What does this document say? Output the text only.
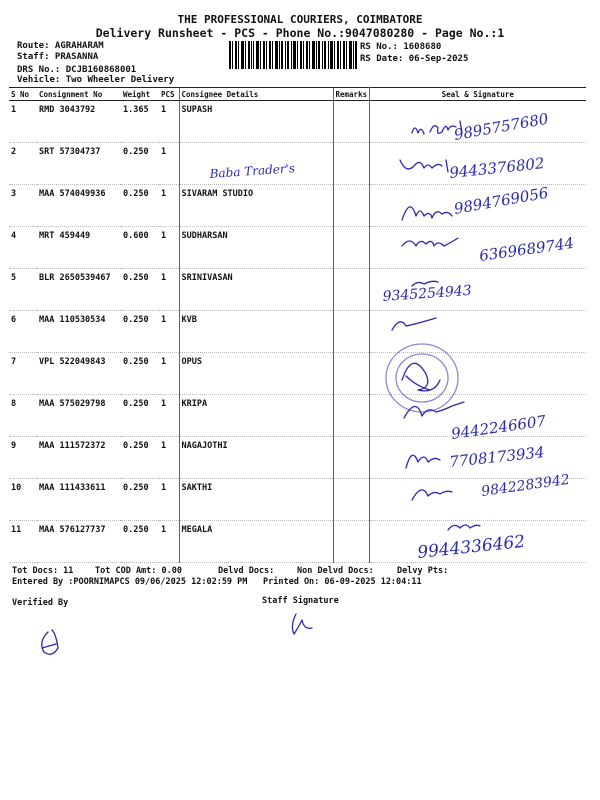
THE PROFESSIONAL COURIERS, COIMBATORE
Delivery Runsheet - PCS - Phone No.:9047080280 - Page No.:1
Route: AGRAHARAM
Staff: PRASANNA
DRS No.: DCJB160868001
Vehicle: Two Wheeler Delivery
RS No.: 1608680
RS Date: 06-Sep-2025
S No	Consignment No	Weight	PCS	Consignee Details	Remarks	Seal & Signature
1	RMD 3043792	1.365	1	SUPASH		
2	SRT 57304737	0.250	1			
3	MAA 574049936	0.250	1	SIVARAM STUDIO		
4	MRT 459449	0.600	1	SUDHARSAN		
5	BLR 2650539467	0.250	1	SRINIVASAN		
6	MAA 110530534	0.250	1	KVB		
7	VPL 522049843	0.250	1	OPUS		
8	MAA 575029798	0.250	1	KRIPA		
9	MAA 111572372	0.250	1	NAGAJOTHI		
10	MAA 111433611	0.250	1	SAKTHI		
11	MAA 576127737	0.250	1	MEGALA		
Baba Trader's
9895757680
9443376802
9894769056
6369689744
9345254943
9442246607
7708173934
9842283942
9944336462
Tot Docs: 11	Tot COD Amt: 0.00	Delvd Docs:	Non Delvd Docs:	Delvy Pts:
Entered By :POORNIMAPCS 09/06/2025 12:02:59 PM Printed On: 06-09-2025 12:04:11
Verified By	Staff Signature
